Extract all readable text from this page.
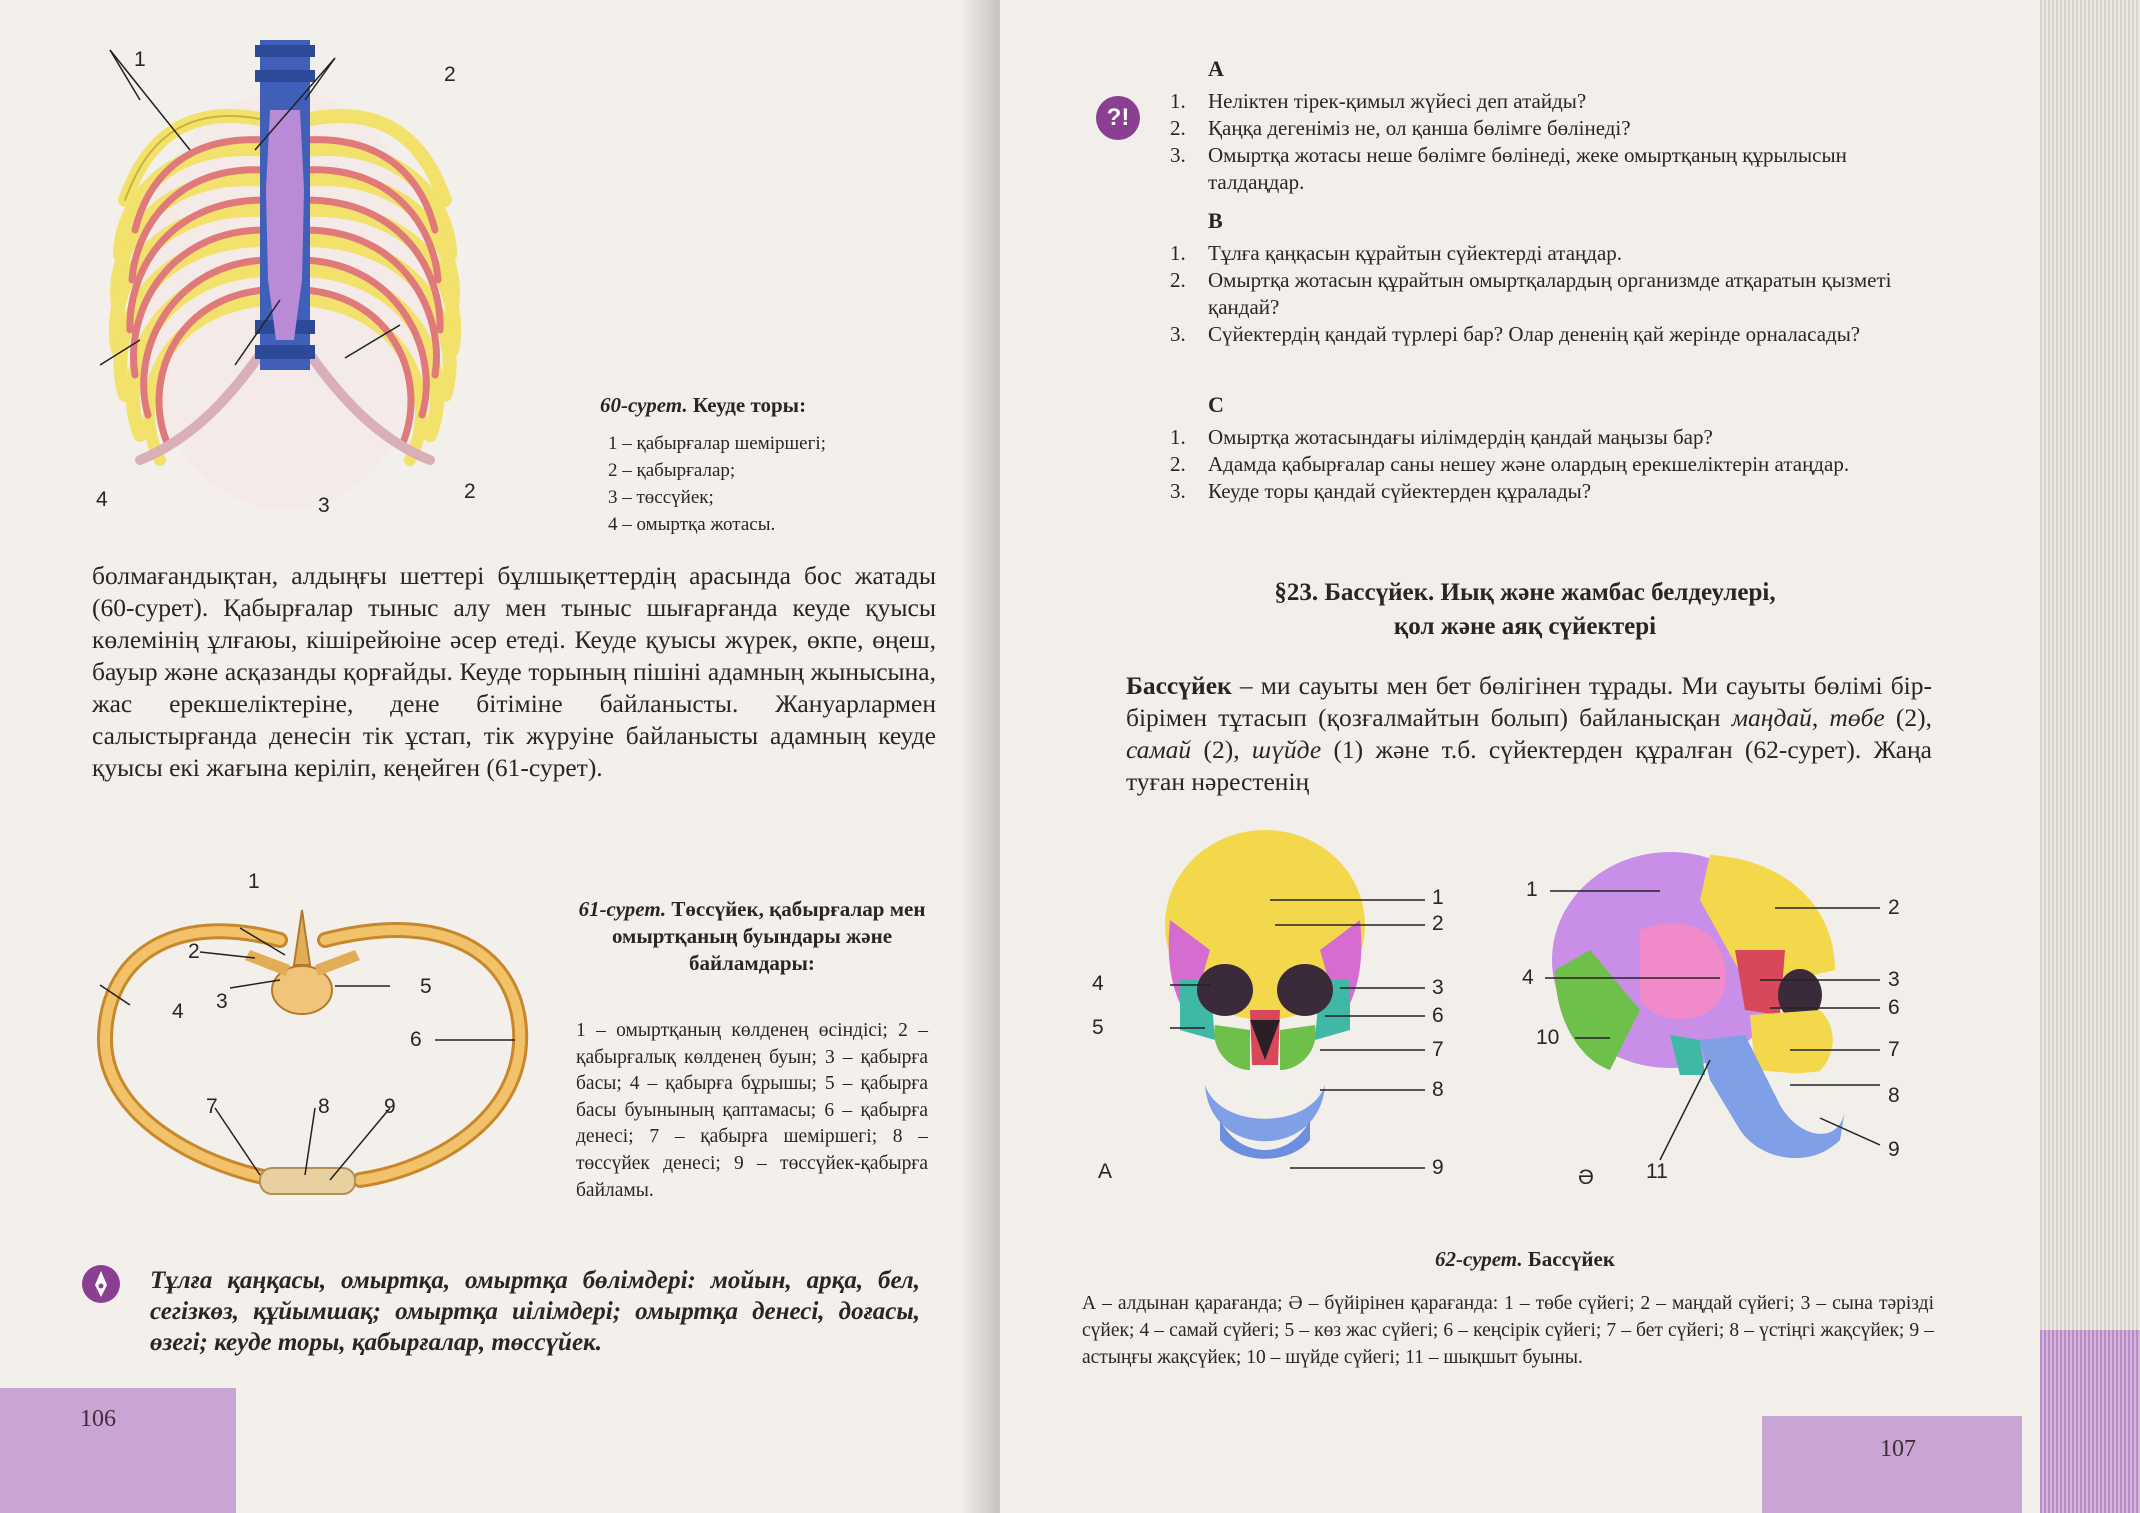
1
2
2
3
4
60-сурет. Кеуде торы:
1 – қабырғалар шеміршегі;
2 – қабырғалар;
3 – төссүйек;
4 – омыртқа жотасы.

болмағандықтан, алдыңғы шеттері бұлшықеттердің арасында бос жатады (60-сурет). Қабырғалар тыныс алу мен тыныс шығарғанда кеуде қуысы көлемінің ұлғаюы, кішірейюіне әсер етеді. Кеуде қуысы жүрек, өкпе, өңеш, бауыр және асқазанды қорғайды. Кеуде торының пішіні адамның жынысына, жас ерекшеліктеріне, дене бітіміне байланысты. Жануарлармен салыстырғанда денесін тік ұстап, тік жүруіне байланысты адамның кеуде қуысы екі жағына керіліп, кеңейген (61-сурет).

1
2
3
4
5
6
7	8	9
61-сурет. Төссүйек, қабырғалар мен омыртқаның буындары және байламдары:
1 – омыртқаның көлденең өсіндісі; 2 – қабырғалық көлденең буын; 3 – қабырға басы; 4 – қабырға бұрышы; 5 – қабырға басы буынының қаптамасы; 6 – қабырға денесі; 7 – қабырға шеміршегі; 8 – төссүйек денесі; 9 – төссүйек-қабырға байламы.
Тұлға қаңқасы, омыртқа, омыртқа бөлімдері: мойын, арқа, бел, сегізкөз, құйымшақ; омыртқа иілімдері; омыртқа денесі, доғасы, өзегі; кеуде торы, қабырғалар, төссүйек.
106
?!
А
1. Неліктен тірек-қимыл жүйесі деп атайды?
2. Қаңқа дегеніміз не, ол қанша бөлімге бөлінеді?
3. Омыртқа жотасы неше бөлімге бөлінеді, жеке омыртқаның құрылысын талдаңдар.
В
1. Тұлға қаңқасын құрайтын сүйектерді атаңдар.
2. Омыртқа жотасын құрайтын омыртқалардың организмде атқаратын қызметі қандай?
3. Сүйектердің қандай түрлері бар? Олар дененің қай жерінде орналасады?
С
1. Омыртқа жотасындағы иілімдердің қандай маңызы бар?
2. Адамда қабырғалар саны нешеу және олардың ерекшеліктерін атаңдар.
3. Кеуде торы қандай сүйектерден құралады?
§23. Бассүйек. Иық және жамбас белдеулері,
қол және аяқ сүйектері

Бассүйек – ми сауыты мен бет бөлігінен тұрады. Ми сауыты бөлімі бір-бірімен тұтасып (қозғалмайтын болып) байланысқан маңдай, төбе (2), самай (2), шүйде (1) және т.б. сүйектерден құралған (62-сурет). Жаңа туған нәрестенің

1
2
3
4
5
6
7
8
9
А
1
2
3
4
6
7
8
9
10
11
Ә
62-сурет. Бассүйек
А – алдынан қарағанда; Ә – бүйірінен қарағанда: 1 – төбе сүйегі; 2 – маңдай сүйегі; 3 – сына тәрізді сүйек; 4 – самай сүйегі; 5 – көз жас сүйегі; 6 – кеңсірік сүйегі; 7 – бет сүйегі; 8 – үстіңгі жақсүйек; 9 – астыңғы жақсүйек; 10 – шүйде сүйегі; 11 – шықшыт буыны.
107
